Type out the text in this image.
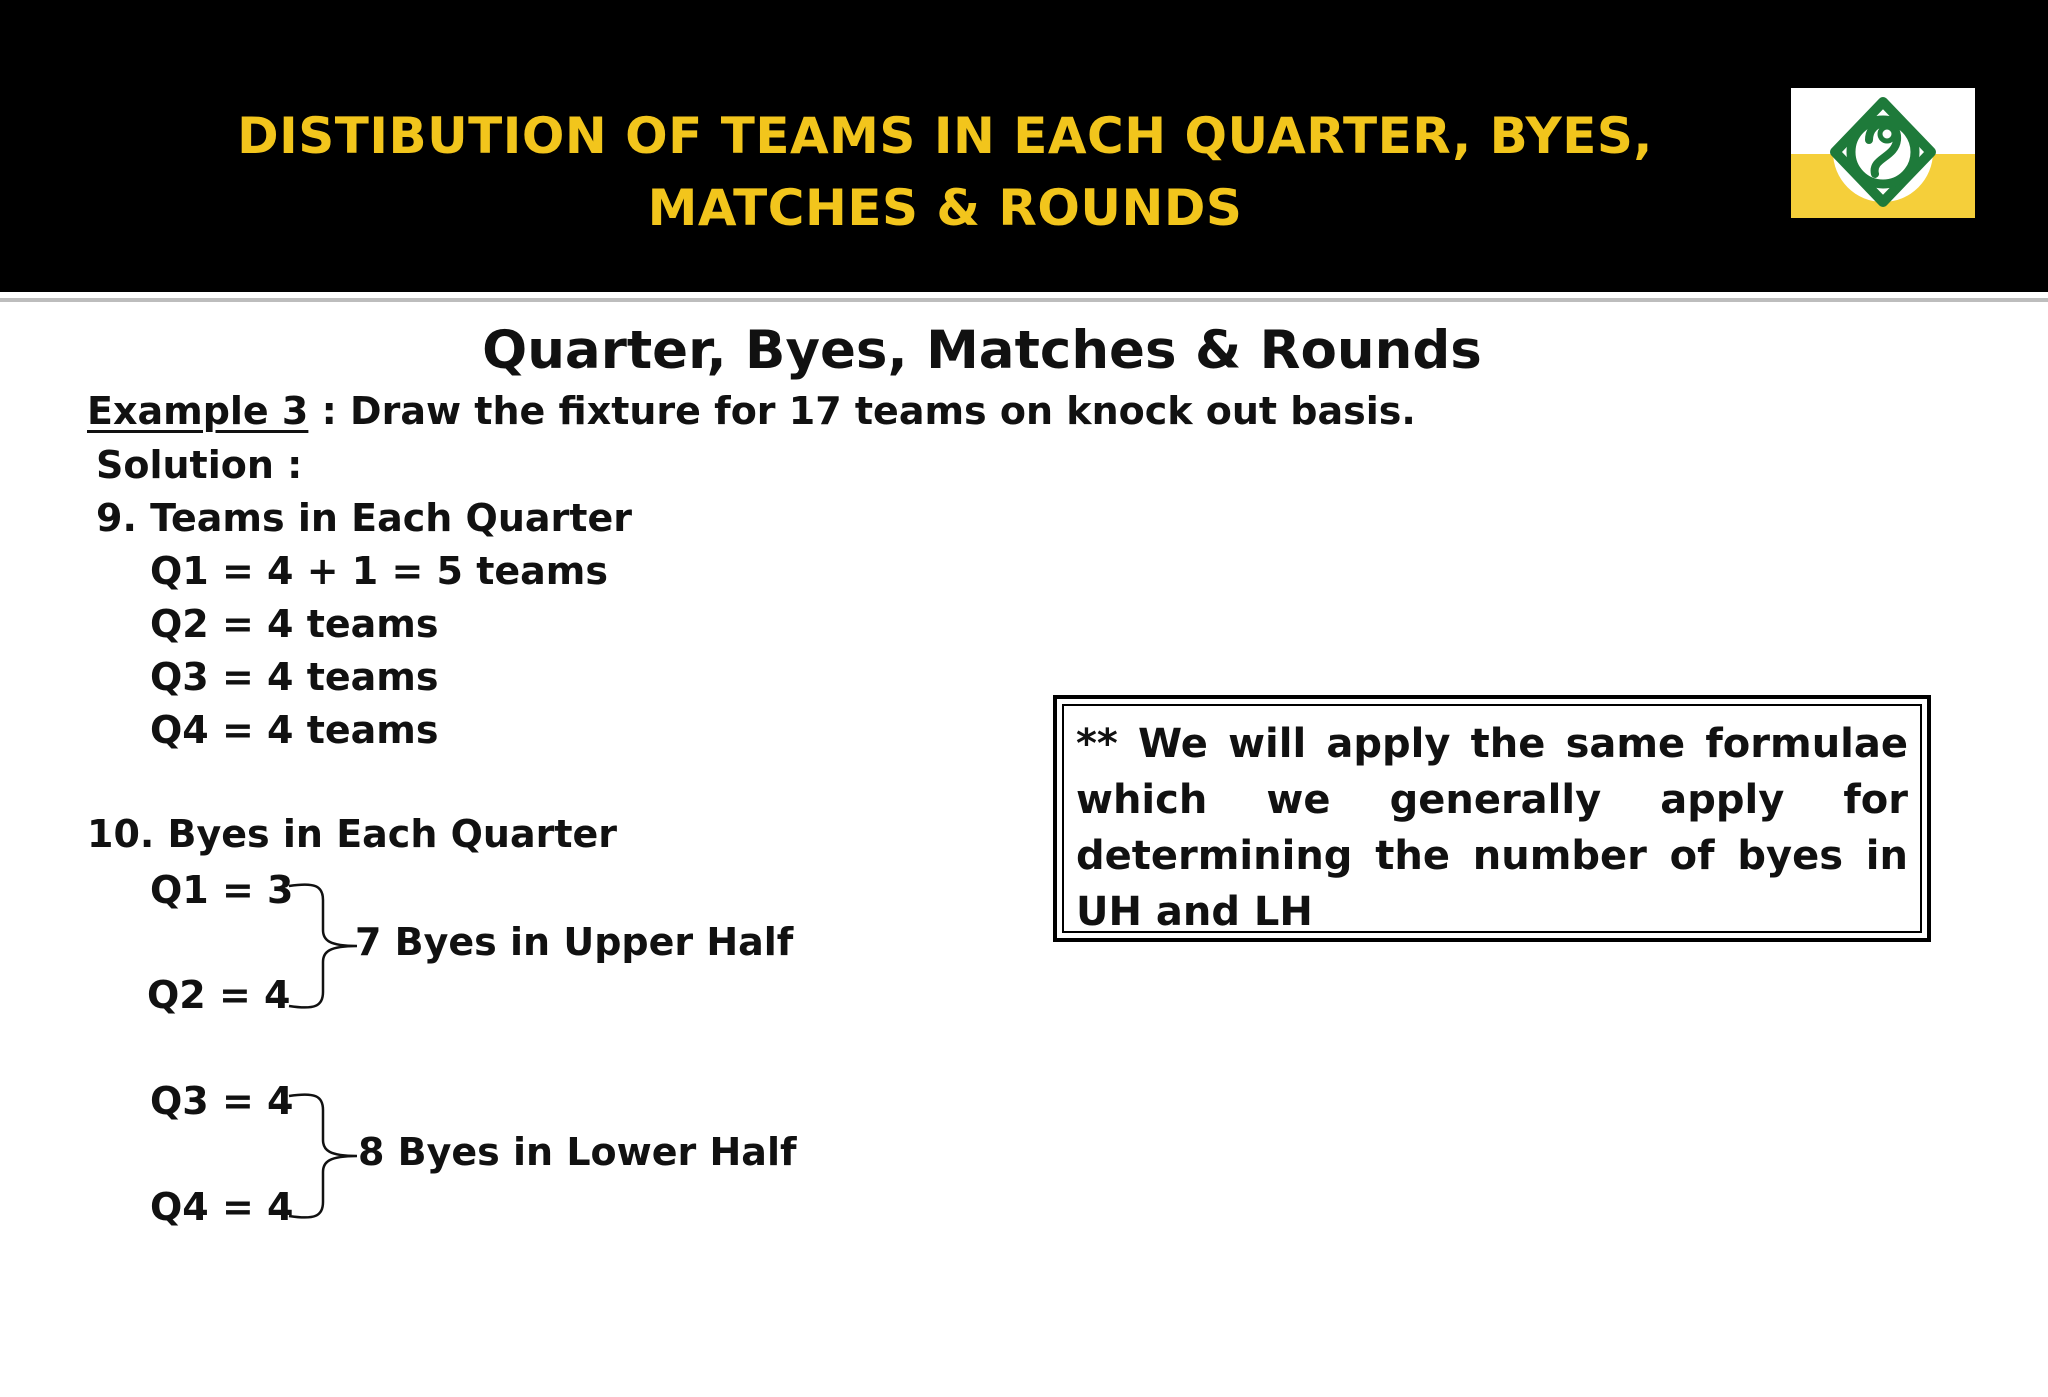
DISTIBUTION OF TEAMS IN EACH QUARTER, BYES, MATCHES & ROUNDS
Quarter, Byes, Matches & Rounds
Example 3 : Draw the fixture for 17 teams on knock out basis.
Solution :
9. Teams in Each Quarter
Q1 = 4 + 1 = 5 teams
Q2 = 4 teams
Q3 = 4 teams
Q4 = 4 teams
10. Byes in Each Quarter
Q1 = 3
Q2 = 4
Q3 = 4
Q4 = 4
7 Byes in Upper Half
8 Byes in Lower Half

** We will apply the same formulae which we generally apply for determining the number of byes in UH and LH
